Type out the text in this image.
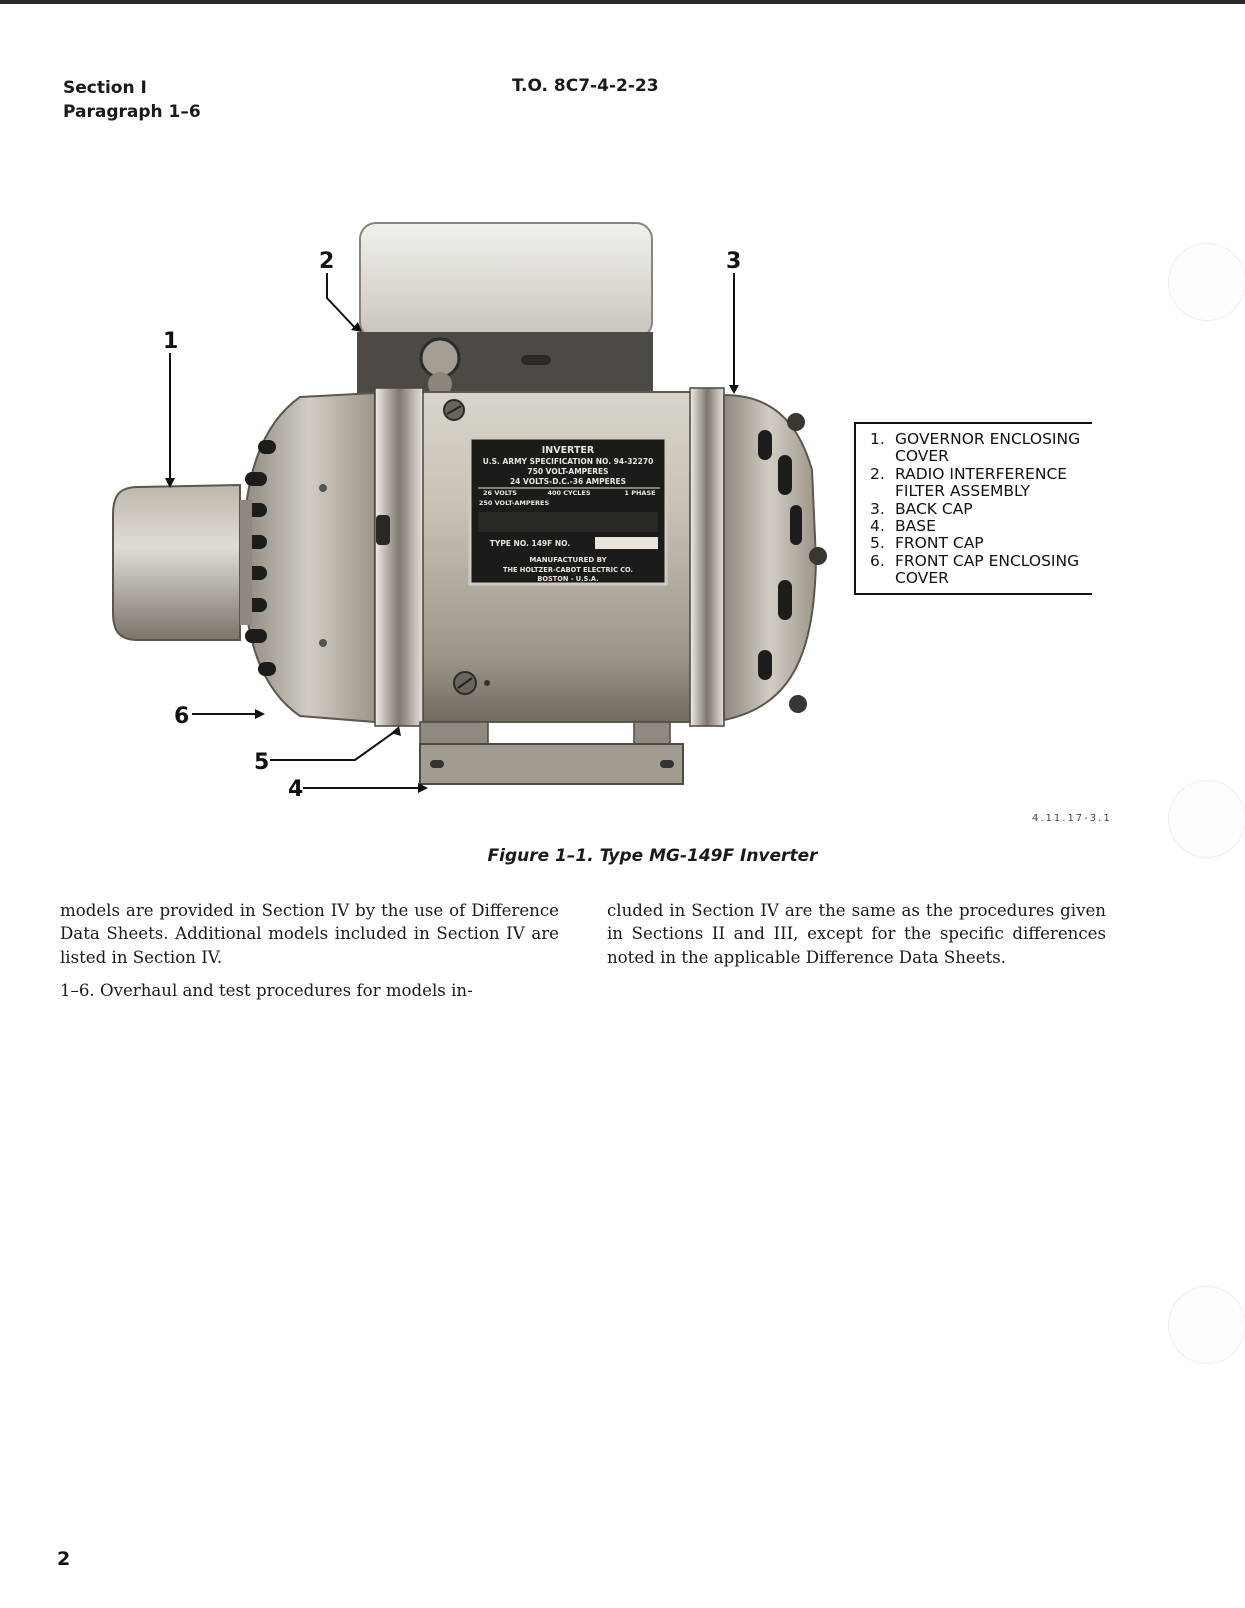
Section I
Paragraph 1–6
T.O. 8C7-4-2-23
INVERTER
U.S. ARMY SPECIFICATION NO. 94-32270
750 VOLT-AMPERES
24 VOLTS-D.C.-36 AMPERES
26 VOLTS	400 CYCLES	1 PHASE
250 VOLT-AMPERES
TYPE NO. 149F NO.
MANUFACTURED BY
THE HOLTZER-CABOT ELECTRIC CO.
BOSTON - U.S.A.
1
2	3
4
5
6
1. GOVERNOR ENCLOSING COVER
2. RADIO INTERFERENCE FILTER ASSEMBLY
3. BACK CAP
4. BASE
5. FRONT CAP
6. FRONT CAP ENCLOSING COVER
4.11.17-3.1
Figure 1–1. Type MG-149F Inverter

models are provided in Section IV by the use of Difference Data Sheets. Additional models included in Section IV are listed in Section IV.

1–6. Overhaul and test procedures for models in-

cluded in Section IV are the same as the procedures given in Sections II and III, except for the specific differences noted in the applicable Difference Data Sheets.

2
